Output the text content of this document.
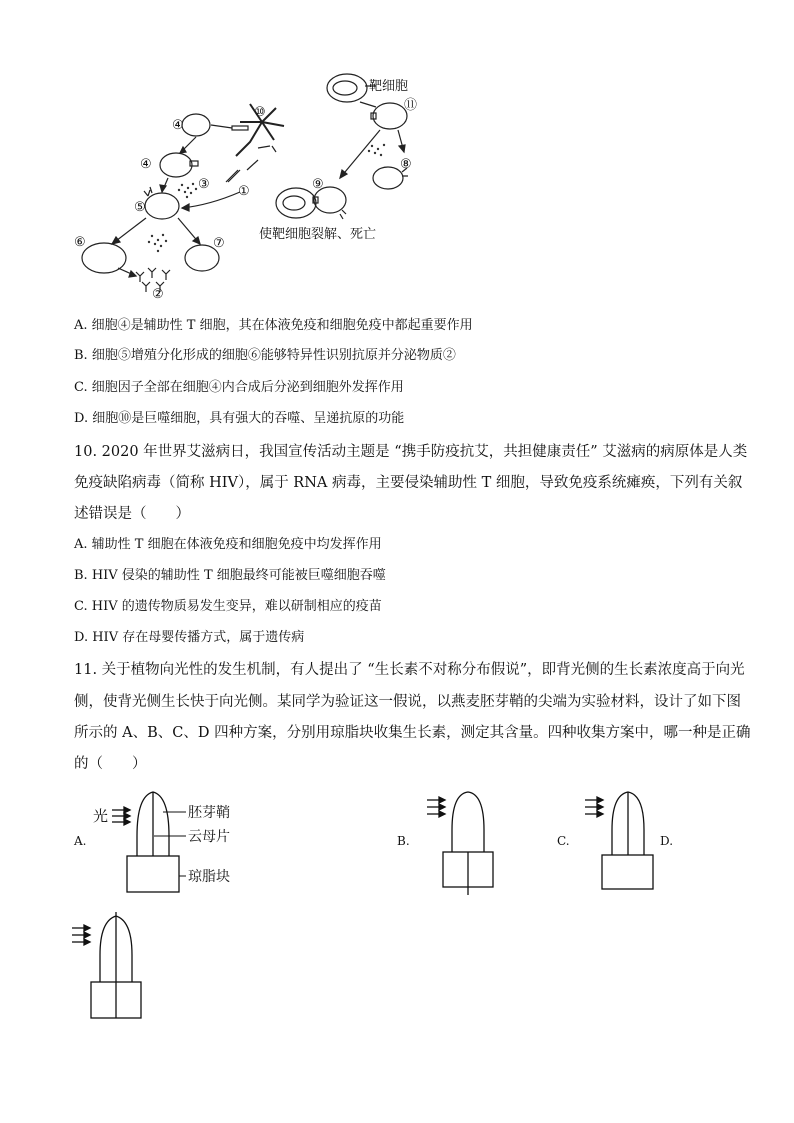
④
④
③
⑤
①
⑥	⑦
②
⑩	⑪
⑧
⑨
靶细胞
使靶细胞裂解、死亡
A. 细胞④是辅助性 T 细胞，其在体液免疫和细胞免疫中都起重要作用
B. 细胞⑤增殖分化形成的细胞⑥能够特异性识别抗原并分泌物质②
C. 细胞因子全部在细胞④内合成后分泌到细胞外发挥作用
D. 细胞⑩是巨噬细胞，具有强大的吞噬、呈递抗原的功能
10. 2020 年世界艾滋病日，我国宣传活动主题是 “携手防疫抗艾，共担健康责任” 艾滋病的病原体是人类
免疫缺陷病毒（简称 HIV），属于 RNA 病毒，主要侵染辅助性 T 细胞，导致免疫系统瘫痪，下列有关叙
述错误是（　　）
A. 辅助性 T 细胞在体液免疫和细胞免疫中均发挥作用
B. HIV 侵染的辅助性 T 细胞最终可能被巨噬细胞吞噬
C. HIV 的遗传物质易发生变异，难以研制相应的疫苗
D. HIV 存在母婴传播方式，属于遗传病
11. 关于植物向光性的发生机制，有人提出了 “生长素不对称分布假说”，即背光侧的生长素浓度高于向光
侧，使背光侧生长快于向光侧。某同学为验证这一假说，以燕麦胚芽鞘的尖端为实验材料，设计了如下图
所示的 A、B、C、D 四种方案，分别用琼脂块收集生长素，测定其含量。四种收集方案中，哪一种是正确
的（　　）
光	胚芽鞘
云母片
琼脂块
A.	B.	C.	D.
